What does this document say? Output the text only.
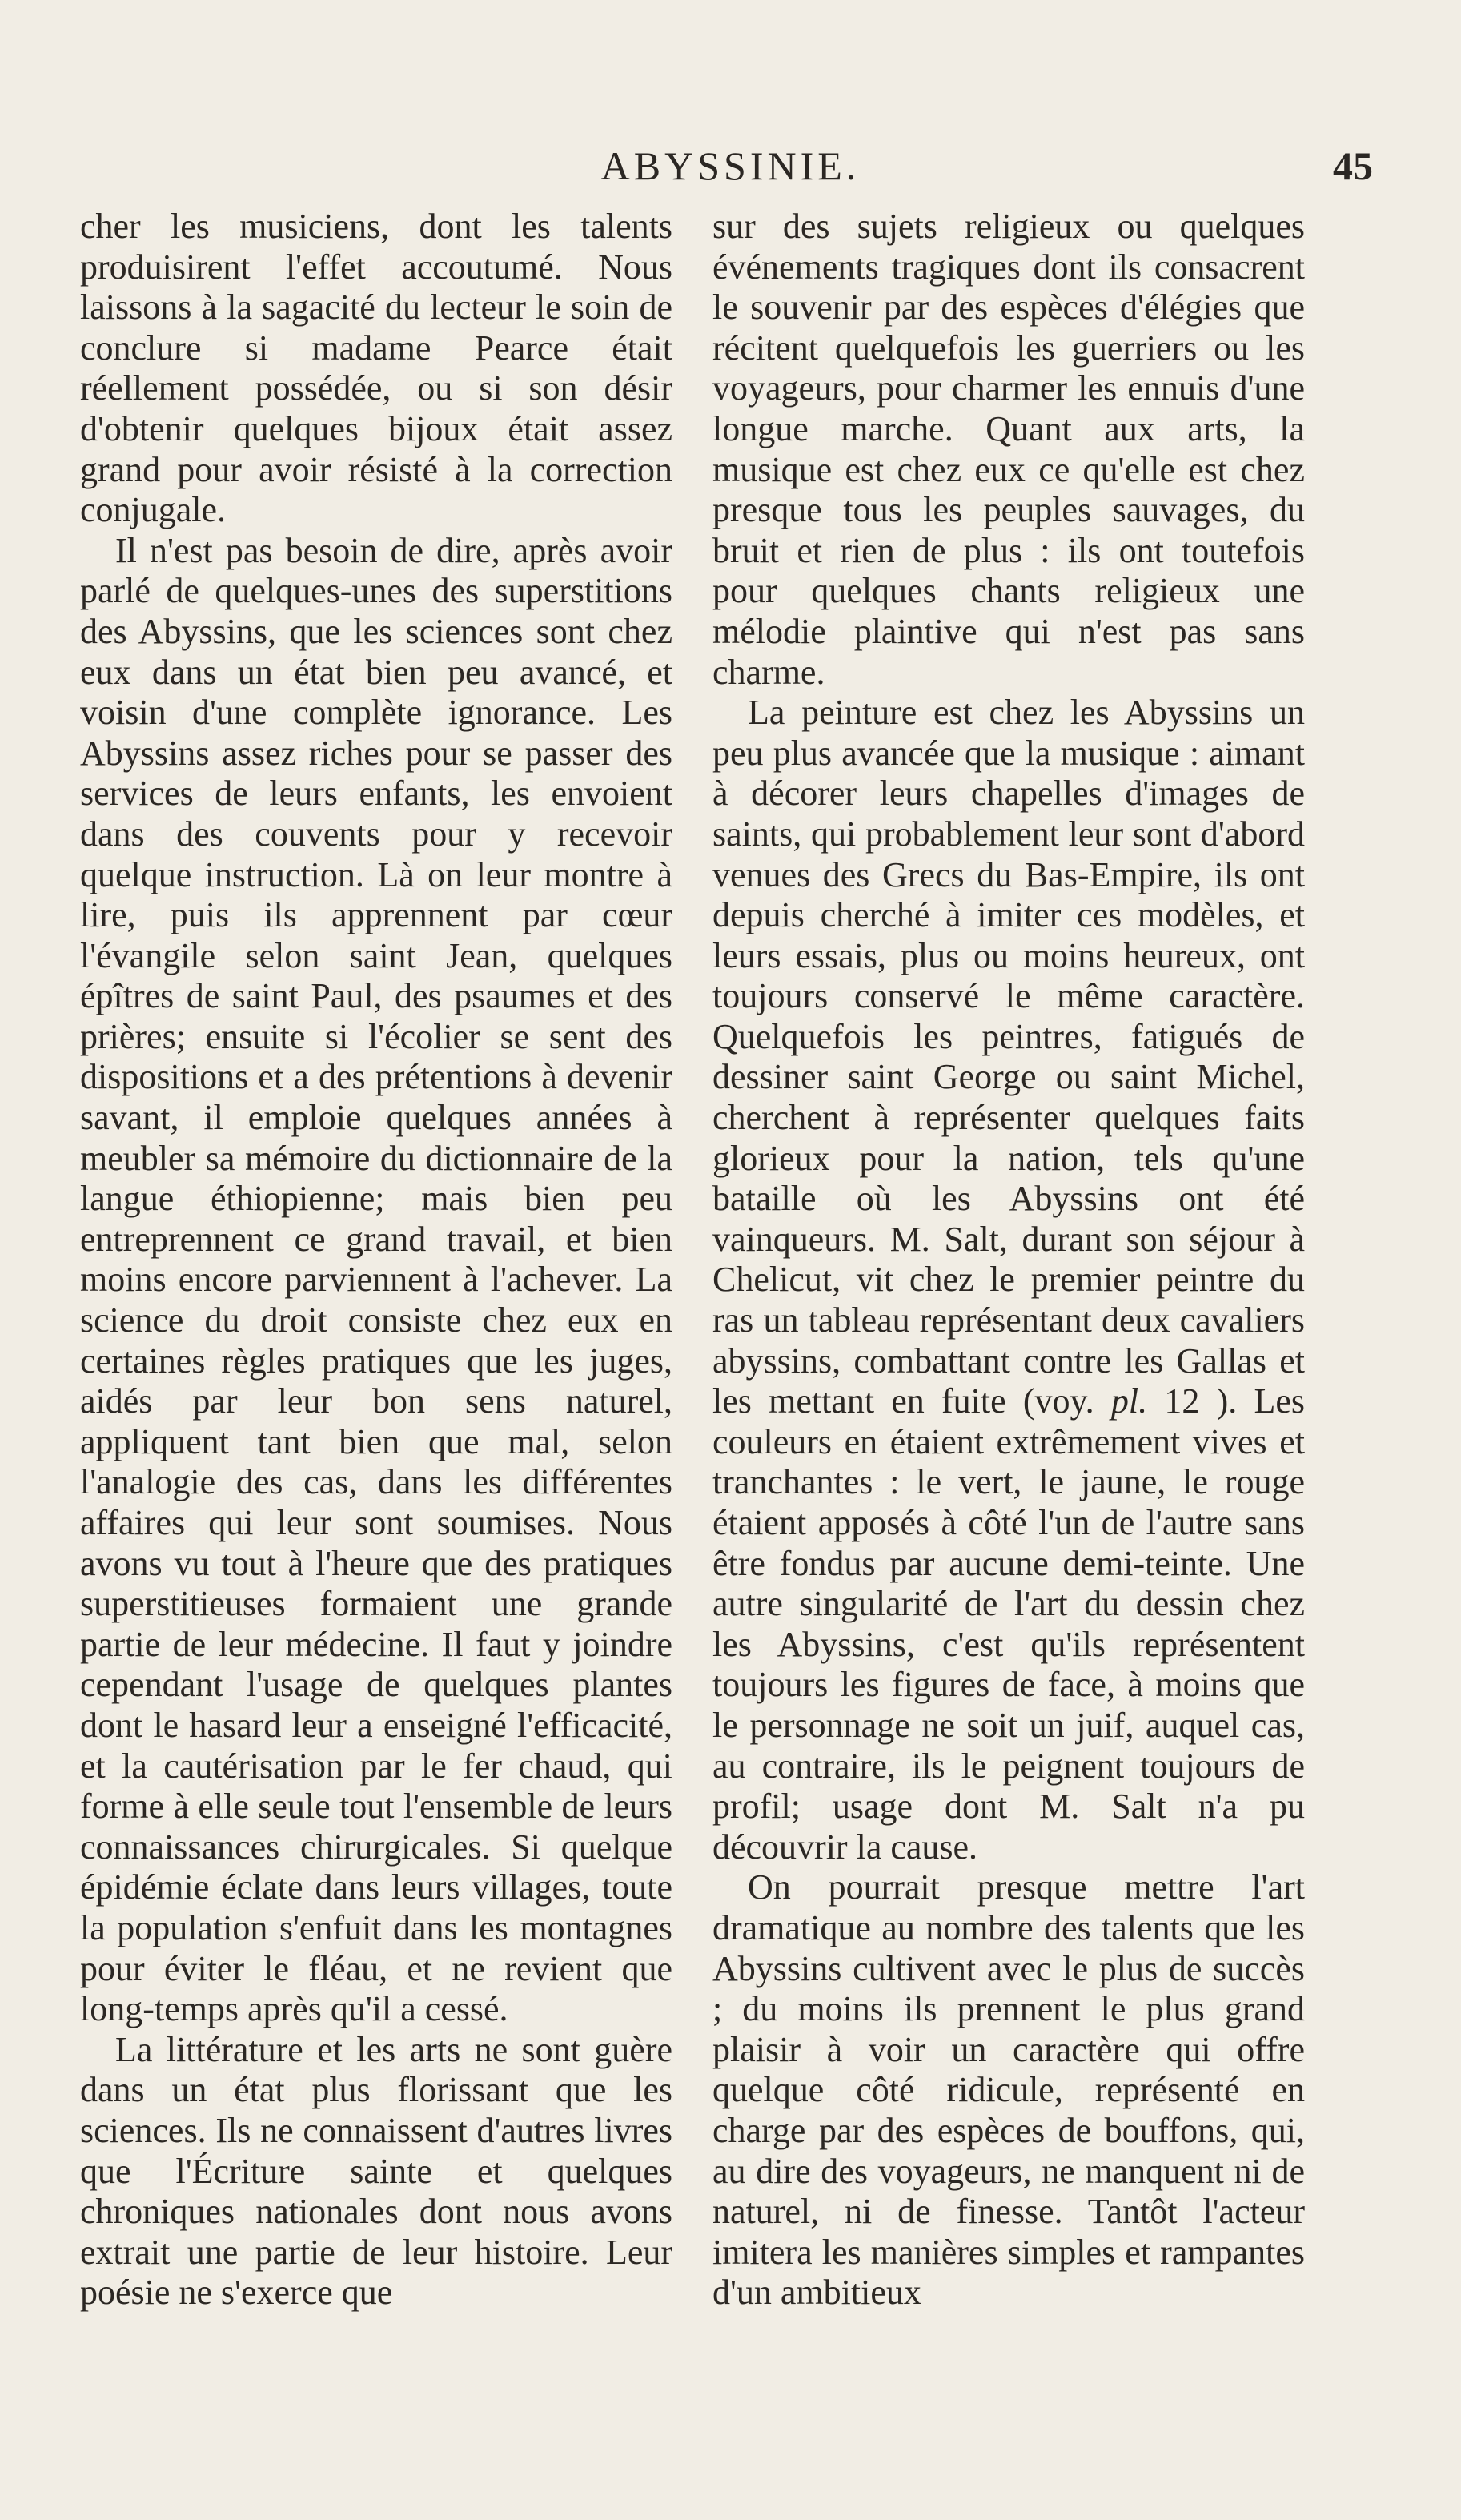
ABYSSINIE.	45

cher les musiciens, dont les talents produisirent l'effet accoutumé. Nous laissons à la sagacité du lecteur le soin de conclure si madame Pearce était réellement possédée, ou si son désir d'obtenir quelques bijoux était assez grand pour avoir résisté à la correction conjugale.

Il n'est pas besoin de dire, après avoir parlé de quelques-unes des superstitions des Abyssins, que les sciences sont chez eux dans un état bien peu avancé, et voisin d'une complète ignorance. Les Abyssins assez riches pour se passer des services de leurs enfants, les envoient dans des couvents pour y recevoir quelque instruction. Là on leur montre à lire, puis ils apprennent par cœur l'évangile selon saint Jean, quelques épîtres de saint Paul, des psaumes et des prières; ensuite si l'écolier se sent des dispositions et a des prétentions à devenir savant, il emploie quelques années à meubler sa mémoire du dictionnaire de la langue éthiopienne; mais bien peu entreprennent ce grand travail, et bien moins encore parviennent à l'achever. La science du droit consiste chez eux en certaines règles pratiques que les juges, aidés par leur bon sens naturel, appliquent tant bien que mal, selon l'analogie des cas, dans les différentes affaires qui leur sont soumises. Nous avons vu tout à l'heure que des pratiques superstitieuses formaient une grande partie de leur médecine. Il faut y joindre cependant l'usage de quelques plantes dont le hasard leur a enseigné l'efficacité, et la cautérisation par le fer chaud, qui forme à elle seule tout l'ensemble de leurs connaissances chirurgicales. Si quelque épidémie éclate dans leurs villages, toute la population s'enfuit dans les montagnes pour éviter le fléau, et ne revient que long-temps après qu'il a cessé.

La littérature et les arts ne sont guère dans un état plus florissant que les sciences. Ils ne connaissent d'autres livres que l'Écriture sainte et quelques chroniques nationales dont nous avons extrait une partie de leur histoire. Leur poésie ne s'exerce que

sur des sujets religieux ou quelques événements tragiques dont ils consacrent le souvenir par des espèces d'élégies que récitent quelquefois les guerriers ou les voyageurs, pour charmer les ennuis d'une longue marche. Quant aux arts, la musique est chez eux ce qu'elle est chez presque tous les peuples sauvages, du bruit et rien de plus : ils ont toutefois pour quelques chants religieux une mélodie plaintive qui n'est pas sans charme.

La peinture est chez les Abyssins un peu plus avancée que la musique : aimant à décorer leurs chapelles d'images de saints, qui probablement leur sont d'abord venues des Grecs du Bas-Empire, ils ont depuis cherché à imiter ces modèles, et leurs essais, plus ou moins heureux, ont toujours conservé le même caractère. Quelquefois les peintres, fatigués de dessiner saint George ou saint Michel, cherchent à représenter quelques faits glorieux pour la nation, tels qu'une bataille où les Abyssins ont été vainqueurs. M. Salt, durant son séjour à Chelicut, vit chez le premier peintre du ras un tableau représentant deux cavaliers abyssins, combattant contre les Gallas et les mettant en fuite (voy. pl. 12 ). Les couleurs en étaient extrêmement vives et tranchantes : le vert, le jaune, le rouge étaient apposés à côté l'un de l'autre sans être fondus par aucune demi-teinte. Une autre singularité de l'art du dessin chez les Abyssins, c'est qu'ils représentent toujours les figures de face, à moins que le personnage ne soit un juif, auquel cas, au contraire, ils le peignent toujours de profil; usage dont M. Salt n'a pu découvrir la cause.

On pourrait presque mettre l'art dramatique au nombre des talents que les Abyssins cultivent avec le plus de succès ; du moins ils prennent le plus grand plaisir à voir un caractère qui offre quelque côté ridicule, représenté en charge par des espèces de bouffons, qui, au dire des voyageurs, ne manquent ni de naturel, ni de finesse. Tantôt l'acteur imitera les manières simples et rampantes d'un ambitieux
